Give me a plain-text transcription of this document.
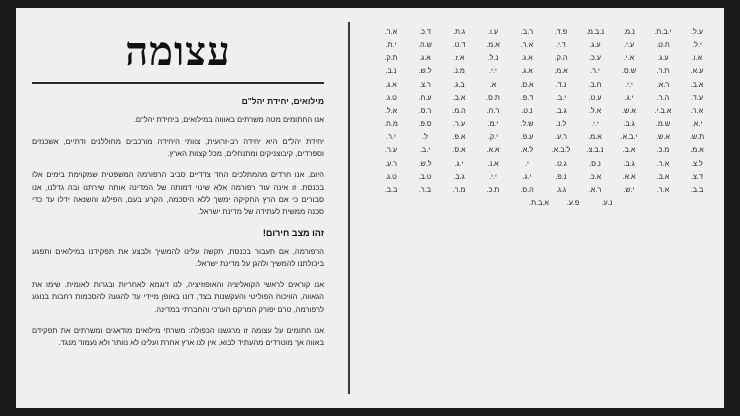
ע.ל.
י.ב.ת.
נ.מ.
נ.ב.מ.
פ.ד.
ר.ב.
ע.ו.
ג.ת.
ד.כ.
א.ר.
י.ל.
ח.ט.
ע.י.
ע.ג.
ד.י.
א.ר.
א.מ.
ד.ט.
ש.ה.
י.ת.
א.ו.
ע.ג.
א.י.
ע.כ.
ה.ק.
א.ג.
נ.ל.
א.ז.
א.ג.
ת.ק.
ע.א.
ת.ר.
ש.ס.
י.ר.
א.מ.
א.ג.
י.י.
מ.נ.
ל.ש.
נ.ב.
א.ב.
ר.א.
י.י.
ח.ב.
נ.ד.
א.ס.
א.
ב.ג.
ר.צ.
א.ג.
ע.ד.
ה.ר.
י.ג.
ע.ט.
י.ב.
ד.פ.
ת.ס.
א.ב.
ע.ח.
ט.ג.
א.ר.
א.ב.י.
א.ש.
א.ל.
ג.ב.
נ.ט.
ר.ח.
ה.מ.
ר.ס.
א.ל.
י.א.
ש.מ.
ג.ב.
י.י.
ל.נ.
ש.ל.
י.מ.
ע.ר.
ס.פ.
מ.ח.
ת.ש.
א.ש.
י.ב.א.
א.מ.
ר.ע.
ע.פ.
י.ק.
א.פ.
ל.
י.ר.
א.מ.
מ.כ.
א.ב.
נ.ב.צ.
ל.ב.א.
ל.א.
א.א.
א.ס.
י.ב.
ע.ר.
ל.צ.
א.ר.
ג.ב.
נ.ס.
ג.ט.
י.
א.נ.
י.ג.
ל.ש.
ר.ע.
ד.צ.
א.ב.
א.א.
א.כ.
נ.פ.
י.ג.
י.י.
ג.ב.
ט.ב.
ט.ג.
ב.ב.
א.ר.
י.ש.
ר.א.
ג.ג.
ה.ס.
ת.כ.
מ.ר.
ב.ר.
ב.ב.
נ.ע.
פ.ע.
א.ב.ת.
עצומה
מילואים, יחידת יהל"ם

אנו החתומים מטה משרתים באוווה במילואים, ביחידת יהל"ם.

יחידת יהל"ם היא יחידה רב-זרועית, צוותי היחידה מורכבים מחוללנים ודתיים, אשכנזים וספרדים, קיבוצניקים ומתנחלים, מכל קצוות הארץ.

היום, אנו חרדים מהמתלכים החד צדדיים סביב הרפורמה המשפטית שמקוימת בימים אלו בכנסת. זו אינה עוד רפורמה אלא שינוי דמותה של המדינה אותה שירתנו ובה גדלנו, אנו סבורים כי אם הרץ החקיקה ימשך ללא היסכמה, הקרע בעם, הפילוג והשנאה ידלו עד כדי סכנה ממשית לעתידה של מדינת ישראל.

זהו מצב חירום!

הרפורמה, אם תעבור בכנסת, תקשה עלינו להמשיך ולבצע את תפקידנו במילואים ותפגע ביכולתנו להמשיך ולהגן על מדינת ישראל.

אנו קוראים לראשי הקואליציה והאופוזיציה, לנו דוגמא לאחריות ובגרות לאומית. שימו את הגאווה, הוויכוח הפוליטי והעקשנות בצד, דונו באופן מיידי עד להגעה להסכמות רחבות בנוגע לרפורמה, טרם יפורק המרקם הערכי והחברתי במדינה.

אנו חתומים על עצומה זו מרגשנו הכפולה: משרתי מילואים מודאגים ומשרתים את תפקידם באווה אך מוטרדים מהעתיד לבוא. אין לנו ארץ אחרת ועלינו לא נוותר ולא נעמוד מנגד.
